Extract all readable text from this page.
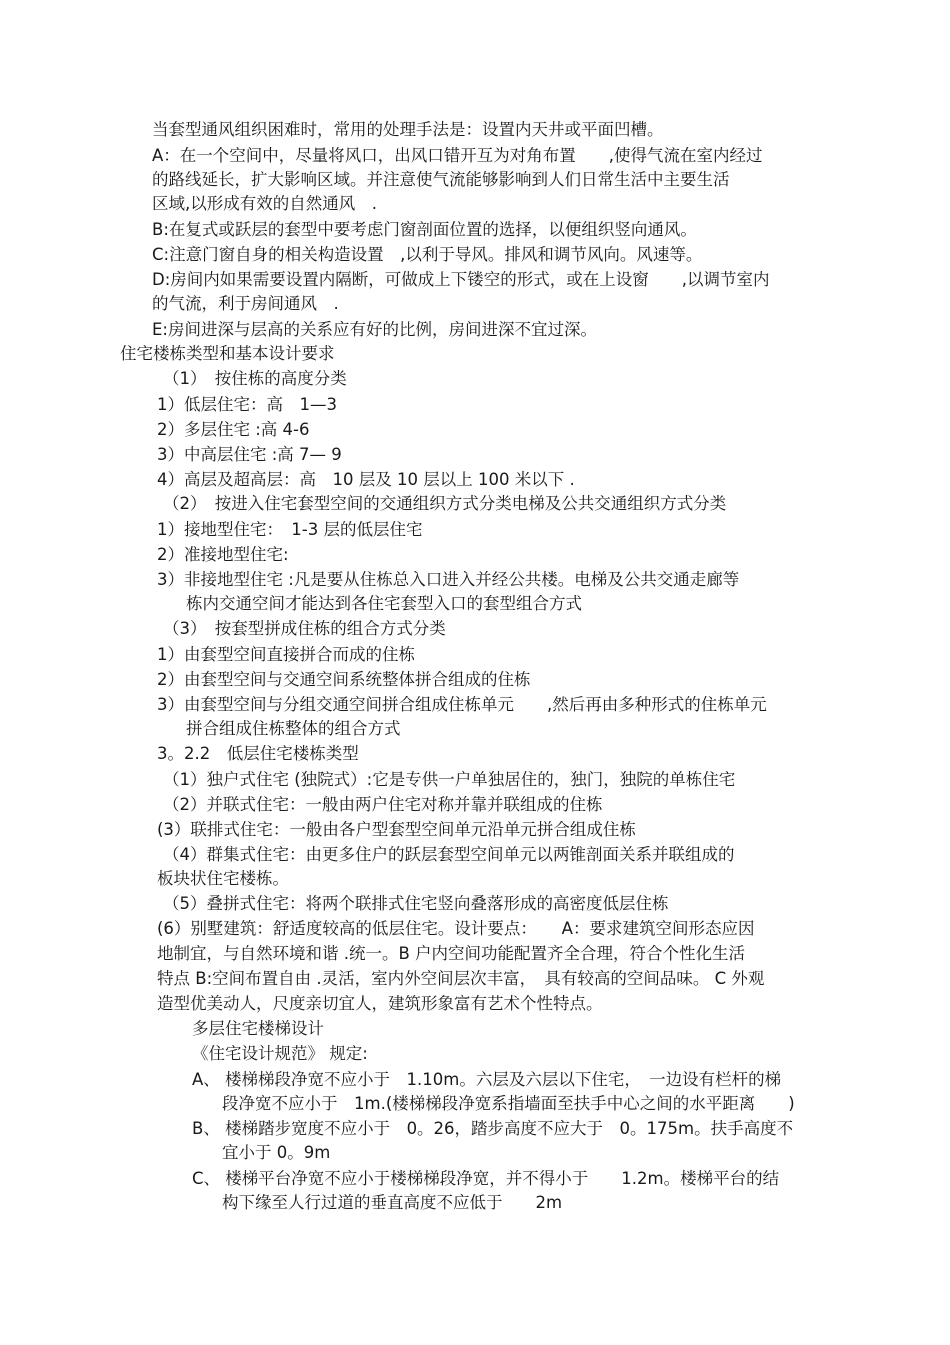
当套型通风组织困难时，常用的处理手法是：设置内天井或平面凹槽。
A：在一个空间中，尽量将风口，出风口错开互为对角布置　　,使得气流在室内经过
的路线延长，扩大影响区域。并注意使气流能够影响到人们日常生活中主要生活
区域,以形成有效的自然通风　.
B:在复式或跃层的套型中要考虑门窗剖面位置的选择，以便组织竖向通风。
C:注意门窗自身的相关构造设置　,以利于导风。排风和调节风向。风速等。
D:房间内如果需要设置内隔断，可做成上下镂空的形式，或在上设窗　　,以调节室内
的气流，利于房间通风　.
E:房间进深与层高的关系应有好的比例，房间进深不宜过深。
住宅楼栋类型和基本设计要求
（1）　按住栋的高度分类
1）低层住宅：高　1—3
2）多层住宅 :高 4-6
3）中高层住宅 :高 7— 9
4）高层及超高层：高　10 层及 10 层以上 100 米以下 .
（2）　按进入住宅套型空间的交通组织方式分类电梯及公共交通组织方式分类
1）接地型住宅：　1-3 层的低层住宅
2）准接地型住宅:
3）非接地型住宅 :凡是要从住栋总入口进入并经公共楼。电梯及公共交通走廊等
栋内交通空间才能达到各住宅套型入口的套型组合方式
（3）　按套型拼成住栋的组合方式分类
1）由套型空间直接拼合而成的住栋
2）由套型空间与交通空间系统整体拼合组成的住栋
3）由套型空间与分组交通空间拼合组成住栋单元　　,然后再由多种形式的住栋单元
拼合组成住栋整体的组合方式
3。2.2　低层住宅楼栋类型
（1）独户式住宅 (独院式）:它是专供一户单独居住的，独门，独院的单栋住宅
（2）并联式住宅：一般由两户住宅对称并靠并联组成的住栋
(3）联排式住宅：一般由各户型套型空间单元沿单元拼合组成住栋
（4）群集式住宅：由更多住户的跃层套型空间单元以两锥剖面关系并联组成的
板块状住宅楼栋。
（5）叠拼式住宅：将两个联排式住宅竖向叠落形成的高密度低层住栋
(6）别墅建筑：舒适度较高的低层住宅。设计要点：　　A：要求建筑空间形态应因
地制宜，与自然环境和谐 .统一。B 户内空间功能配置齐全合理，符合个性化生活
特点 B:空间布置自由 .灵活，室内外空间层次丰富，　具有较高的空间品味。 C 外观
造型优美动人，尺度亲切宜人，建筑形象富有艺术个性特点。
多层住宅楼梯设计
《住宅设计规范》 规定:
A、 楼梯梯段净宽不应小于　1.10m。六层及六层以下住宅，　一边设有栏杆的梯
段净宽不应小于　1m.(楼梯梯段净宽系指墙面至扶手中心之间的水平距离　　)
B、 楼梯踏步宽度不应小于　0。26，踏步高度不应大于　0。175m。扶手高度不
宜小于 0。9m
C、 楼梯平台净宽不应小于楼梯梯段净宽，并不得小于　　1.2m。楼梯平台的结
构下缘至人行过道的垂直高度不应低于　　2m
